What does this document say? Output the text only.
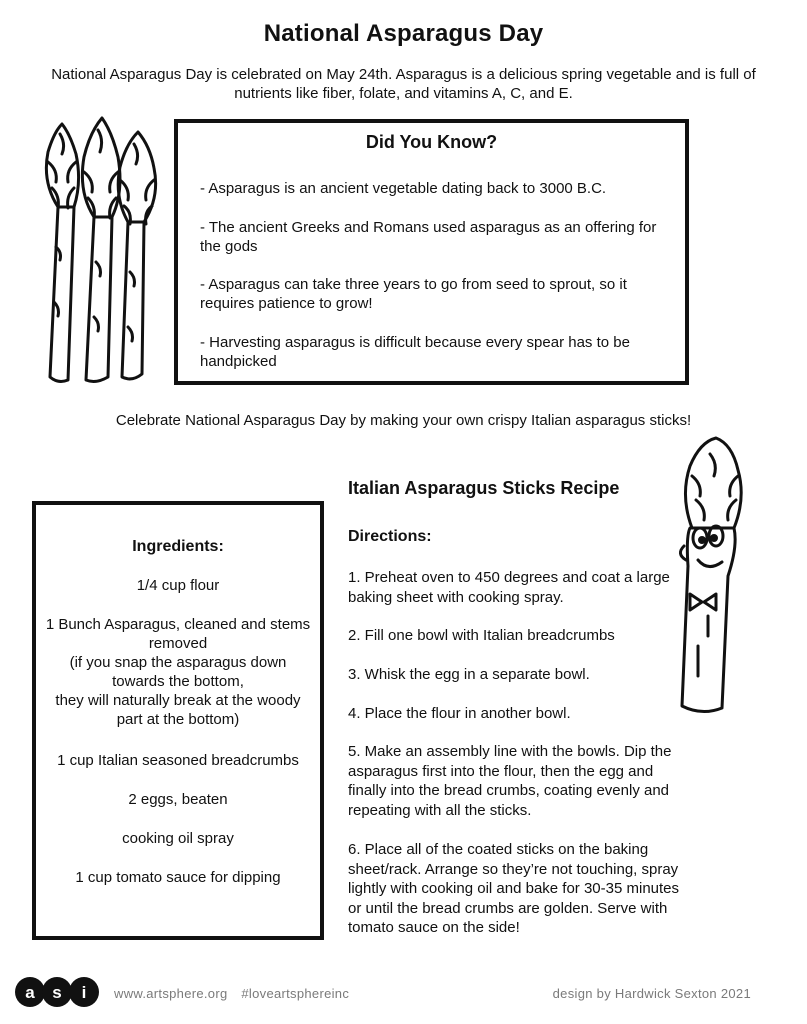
National Asparagus Day
National Asparagus Day is celebrated on May 24th. Asparagus is a delicious spring vegetable and is full of nutrients like fiber, folate, and vitamins A, C, and E.
Did You Know?
- Asparagus is an ancient vegetable dating back to 3000 B.C.
- The ancient Greeks and Romans used asparagus as an offering for the gods
- Asparagus can take three years to go from seed to sprout, so it requires patience to grow!
- Harvesting asparagus is difficult because every spear has to be handpicked
Celebrate National Asparagus Day by making your own crispy Italian asparagus sticks!
Italian Asparagus Sticks Recipe
Ingredients:
1/4 cup flour
1 Bunch Asparagus, cleaned and stems removed
(if you snap the asparagus down towards the bottom,
they will naturally break at the woody part at the bottom)
1 cup Italian seasoned breadcrumbs
2 eggs, beaten
cooking oil spray
1 cup tomato sauce for dipping
Directions:
1. Preheat oven to 450 degrees and coat a large baking sheet with cooking spray.
2. Fill one bowl with Italian breadcrumbs
3. Whisk the egg in a separate bowl.
4. Place the flour in another bowl.
5. Make an assembly line with the bowls. Dip the asparagus first into the flour, then the egg and finally into the bread crumbs, coating evenly and repeating with all the sticks.
6. Place all of the coated sticks on the baking sheet/rack. Arrange so they’re not touching, spray lightly with cooking oil and bake for 30-35 minutes or until the bread crumbs are golden. Serve with tomato sauce on the side!
a s i www.artsphere.org #loveartsphereinc	design by Hardwick Sexton 2021
